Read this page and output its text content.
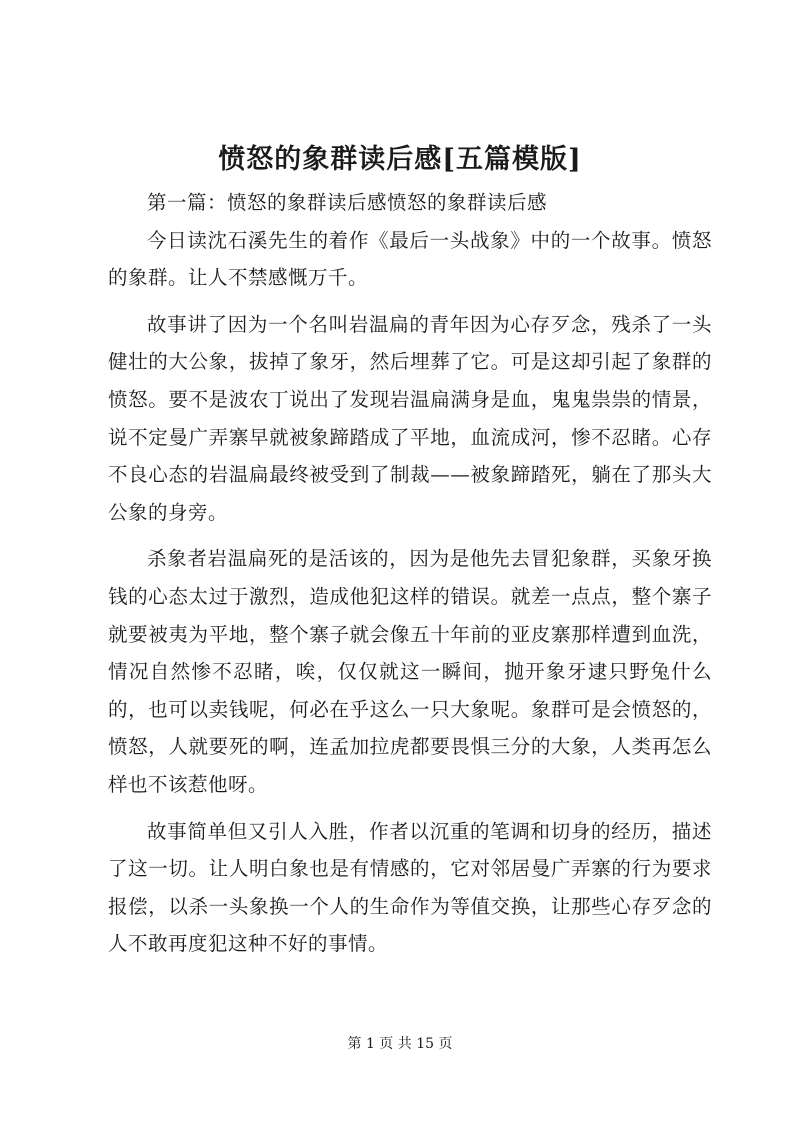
愤怒的象群读后感[五篇模版]

第一篇：愤怒的象群读后感愤怒的象群读后感

今日读沈石溪先生的着作《最后一头战象》中的一个故事。愤怒的象群。让人不禁感慨万千。

故事讲了因为一个名叫岩温扁的青年因为心存歹念，残杀了一头健壮的大公象，拔掉了象牙，然后埋葬了它。可是这却引起了象群的愤怒。要不是波农丁说出了发现岩温扁满身是血，鬼鬼祟祟的情景，说不定曼广弄寨早就被象蹄踏成了平地，血流成河，惨不忍睹。心存不良心态的岩温扁最终被受到了制裁——被象蹄踏死，躺在了那头大公象的身旁。

杀象者岩温扁死的是活该的，因为是他先去冒犯象群，买象牙换钱的心态太过于激烈，造成他犯这样的错误。就差一点点，整个寨子就要被夷为平地，整个寨子就会像五十年前的亚皮寨那样遭到血洗，情况自然惨不忍睹，唉，仅仅就这一瞬间，抛开象牙逮只野兔什么的，也可以卖钱呢，何必在乎这么一只大象呢。象群可是会愤怒的，愤怒，人就要死的啊，连孟加拉虎都要畏惧三分的大象，人类再怎么样也不该惹他呀。

故事简单但又引人入胜，作者以沉重的笔调和切身的经历，描述了这一切。让人明白象也是有情感的，它对邻居曼广弄寨的行为要求报偿，以杀一头象换一个人的生命作为等值交换，让那些心存歹念的人不敢再度犯这种不好的事情。

第 1 页 共 15 页
